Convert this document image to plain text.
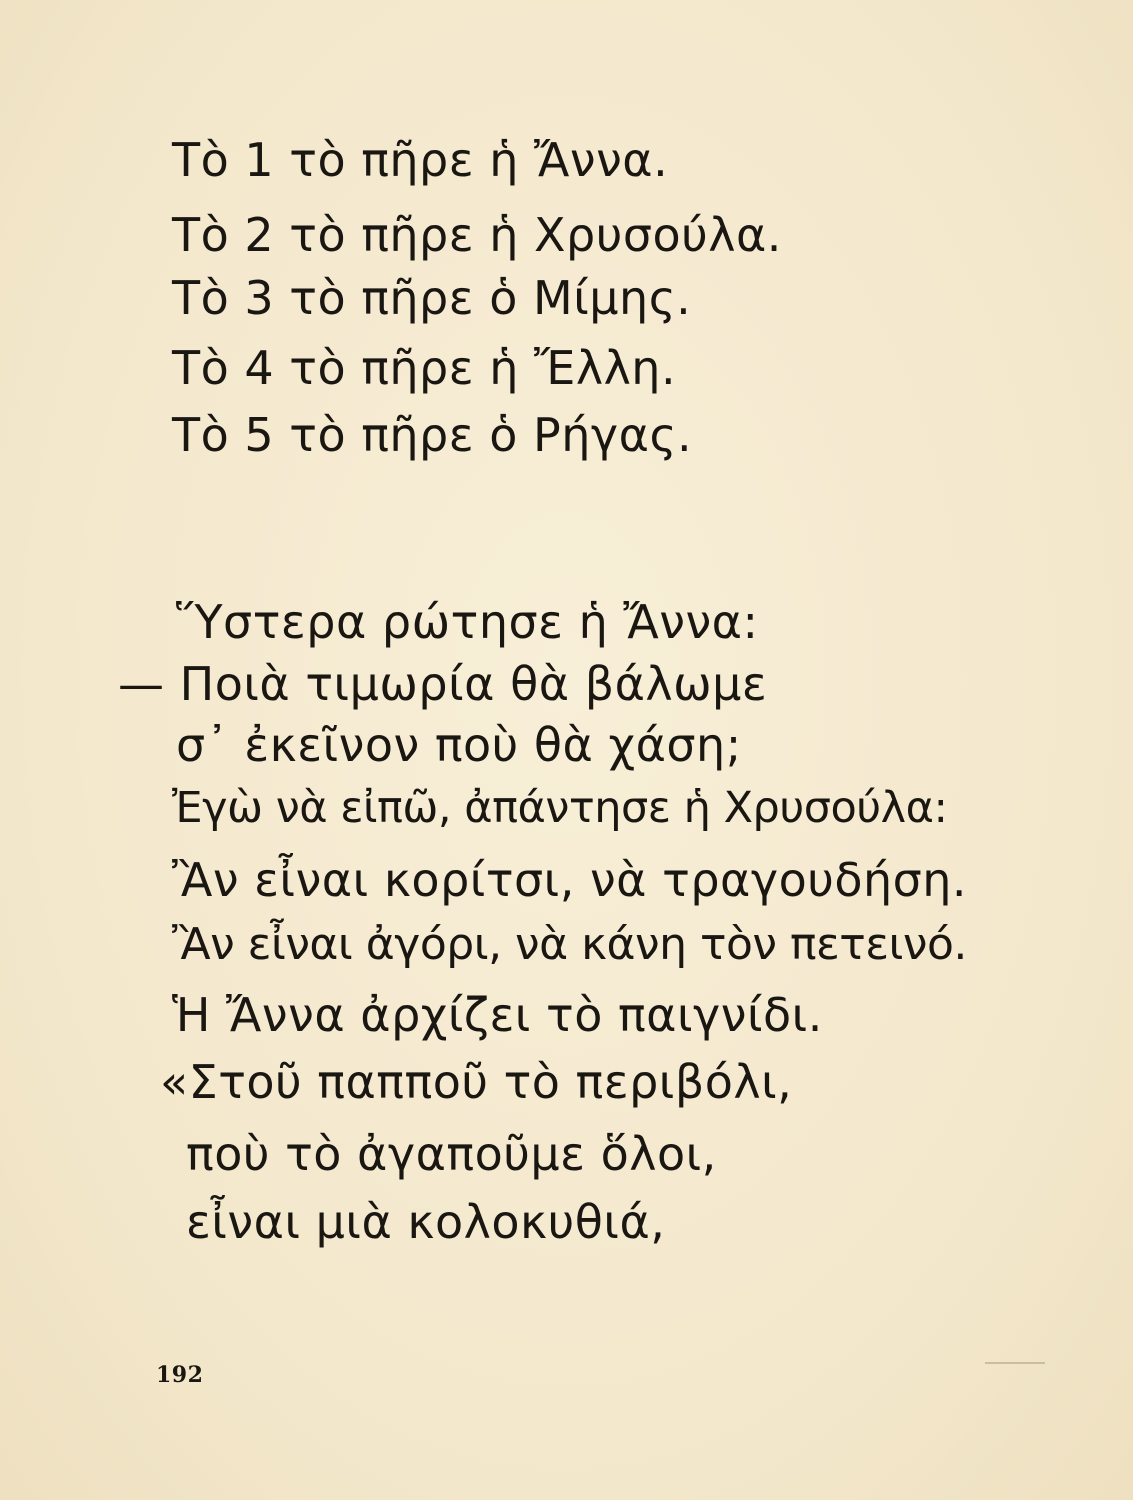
Τὸ 1 τὸ πῆρε ἡ Ἄννα.
Τὸ 2 τὸ πῆρε ἡ Χρυσούλα.
Τὸ 3 τὸ πῆρε ὁ Μίμης.
Τὸ 4 τὸ πῆρε ἡ Ἔλλη.
Τὸ 5 τὸ πῆρε ὁ Ρήγας.
Ὕστερα ρώτησε ἡ Ἄννα:
— Ποιὰ τιμωρία θὰ βάλωμε
σ᾽ ἐκεῖνον ποὺ θὰ χάση;
Ἐγὼ νὰ εἰπῶ, ἀπάντησε ἡ Χρυσούλα:
Ἂν εἶναι κορίτσι, νὰ τραγουδήση.
Ἂν εἶναι ἀγόρι, νὰ κάνη τὸν πετεινό.
Ἡ Ἄννα ἀρχίζει τὸ παιγνίδι.
«Στοῦ παπποῦ τὸ περιβόλι,
ποὺ τὸ ἀγαποῦμε ὅλοι,
εἶναι μιὰ κολοκυθιά,
192
